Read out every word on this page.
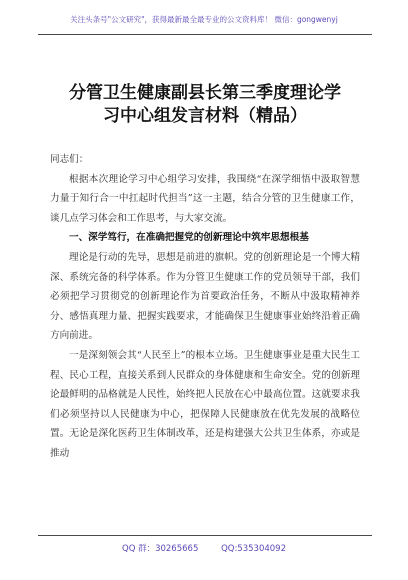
关注头条号"公文研究"，获得最新最全最专业的公文资料库！ 微信：gongwenyj
分管卫生健康副县长第三季度理论学
习中心组发言材料（精品）

同志们：

根据本次理论学习中心组学习安排，我围绕“在深学细悟中汲取智慧力量于知行合一中扛起时代担当”这一主题，结合分管的卫生健康工作，谈几点学习体会和工作思考，与大家交流。

一、深学笃行，在准确把握党的创新理论中筑牢思想根基

理论是行动的先导，思想是前进的旗帜。党的创新理论是一个博大精深、系统完备的科学体系。作为分管卫生健康工作的党员领导干部，我们必须把学习贯彻党的创新理论作为首要政治任务，不断从中汲取精神养分、感悟真理力量、把握实践要求，才能确保卫生健康事业始终沿着正确方向前进。

一是深刻领会其“人民至上”的根本立场。卫生健康事业是重大民生工程、民心工程，直接关系到人民群众的身体健康和生命安全。党的创新理论最鲜明的品格就是人民性，始终把人民放在心中最高位置。这就要求我们必须坚持以人民健康为中心，把保障人民健康放在优先发展的战略位置。无论是深化医药卫生体制改革，还是构建强大公共卫生体系，亦或是推动

QQ 群：30265665	QQ:535304092
